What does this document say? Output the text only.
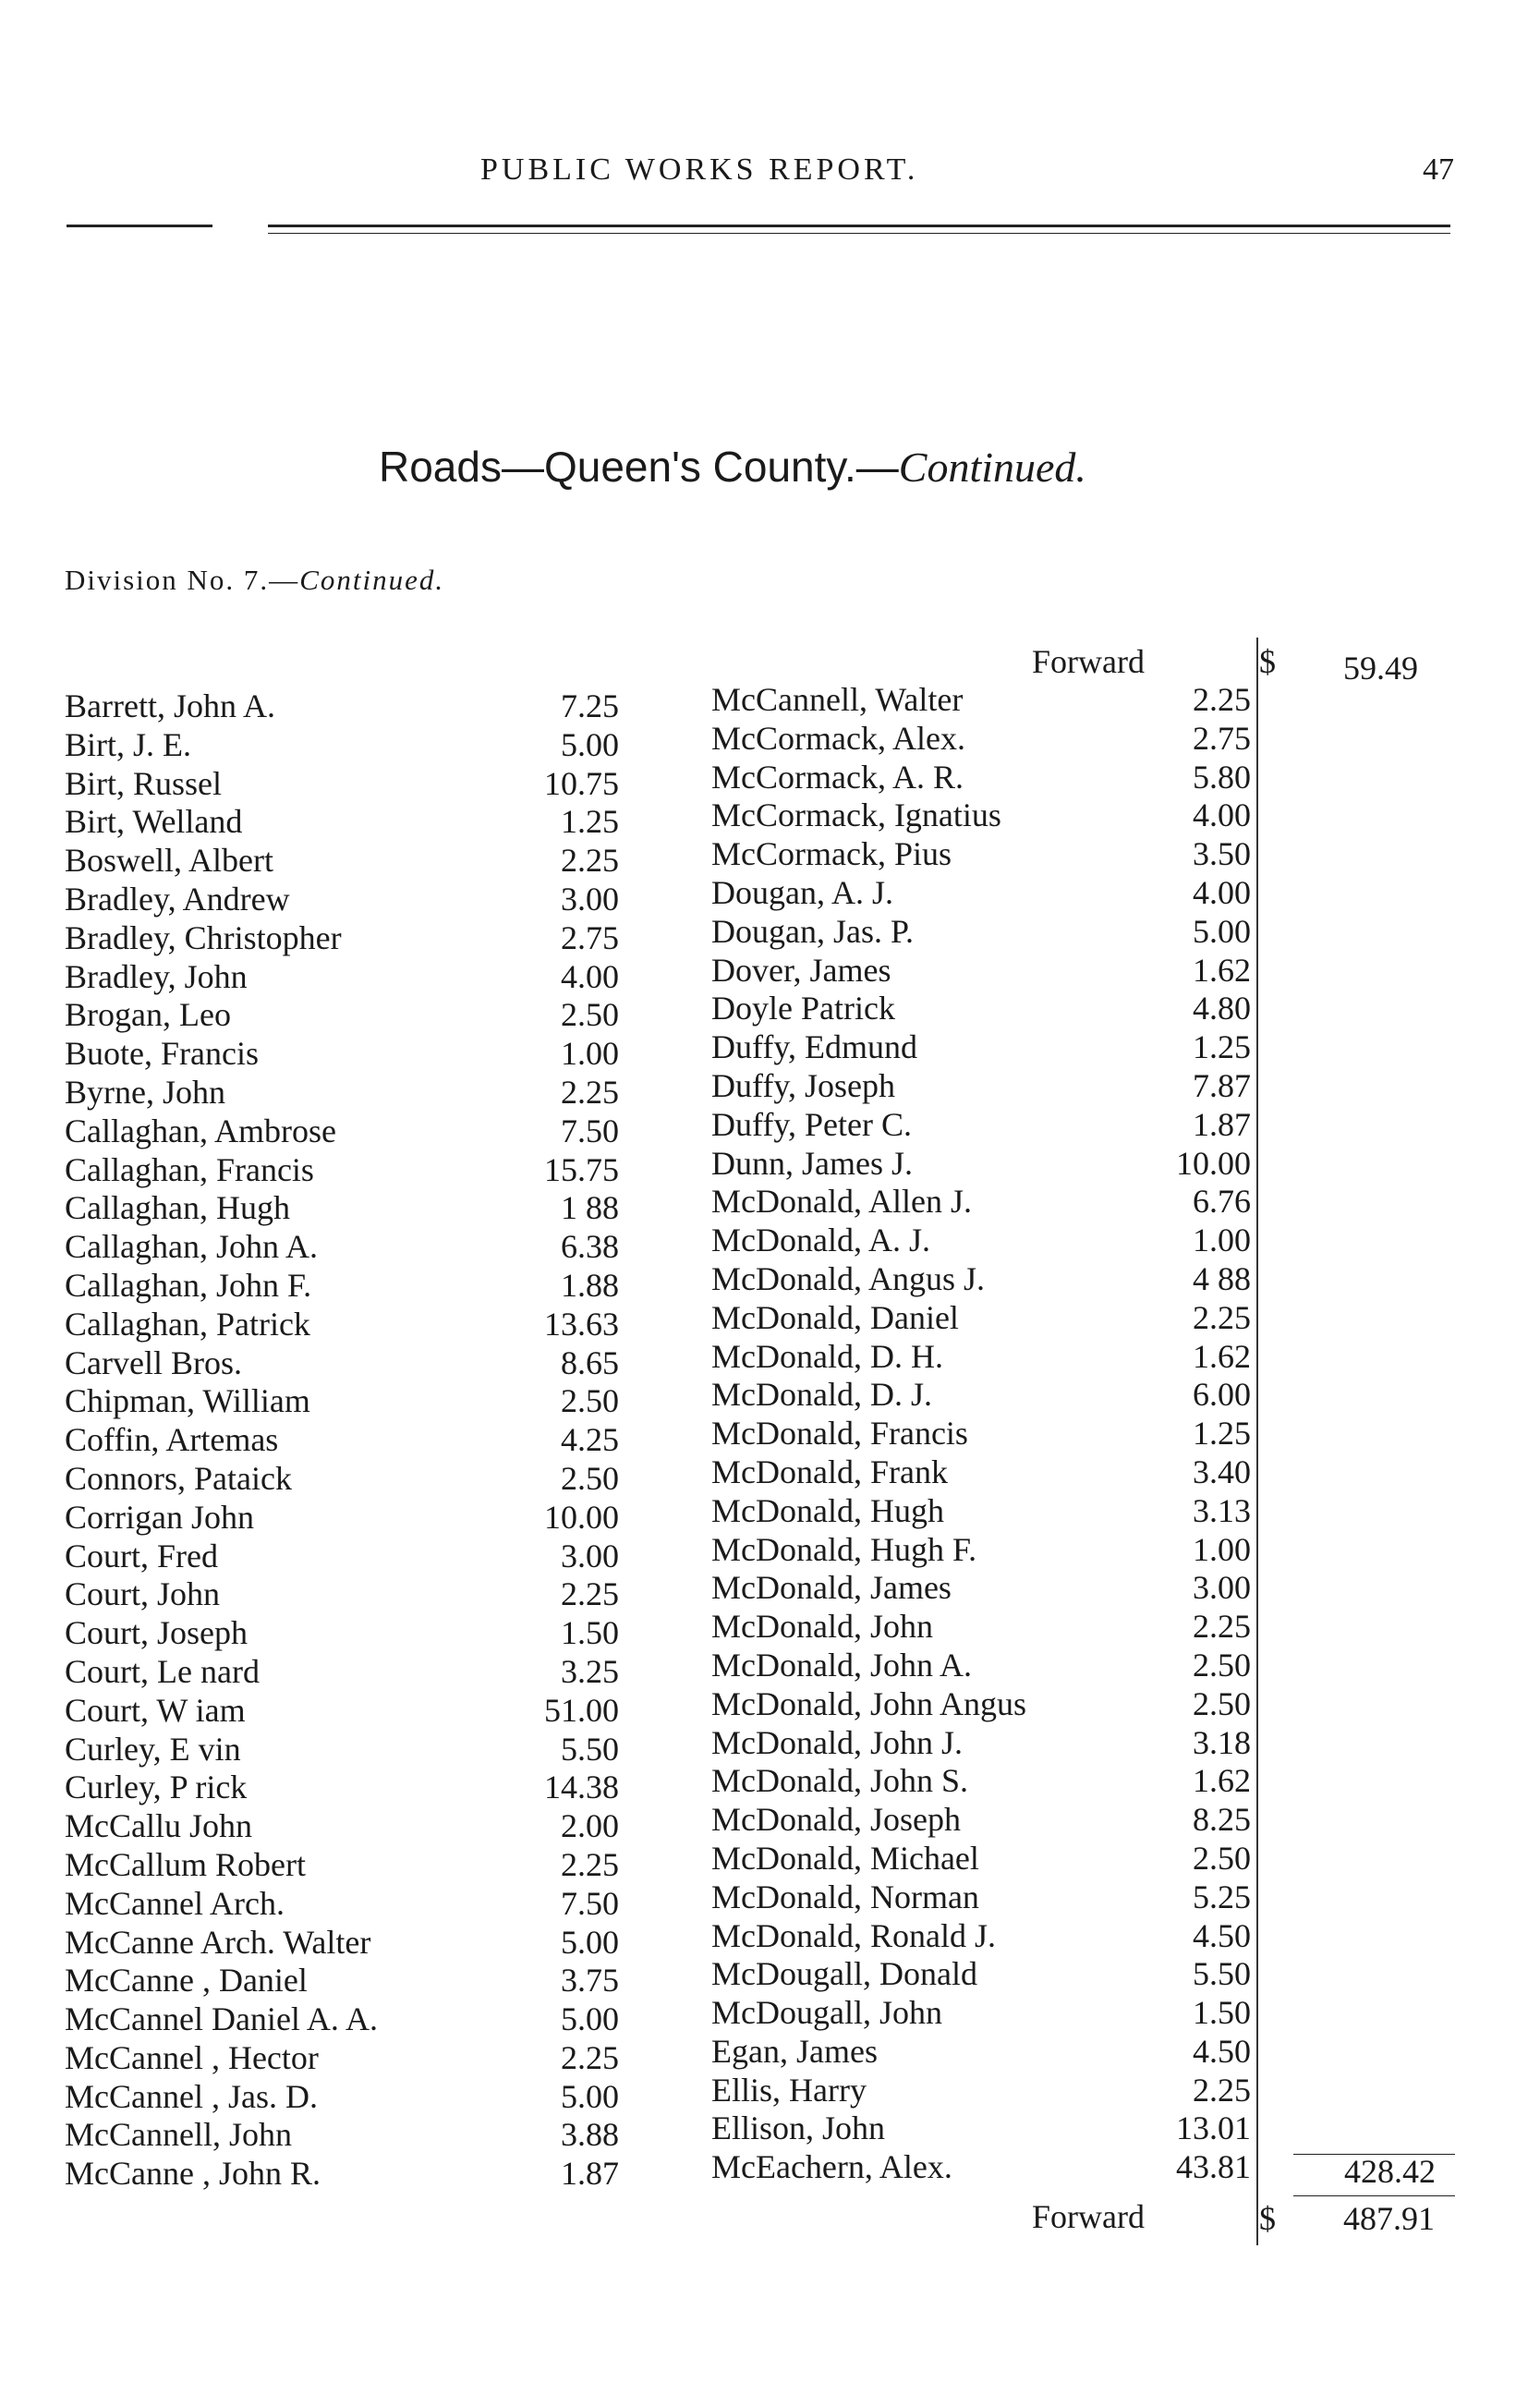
PUBLIC WORKS REPORT.	47
Roads—Queen's County.—Continued.
Division No. 7.—Continued.
Forward	$ 59.49
Barrett, John A.	7.25
Birt, J. E.	5.00
Birt, Russel	10.75
Birt, Welland	1.25
Boswell, Albert	2.25
Bradley, Andrew	3.00
Bradley, Christopher	2.75
Bradley, John	4.00
Brogan, Leo	2.50
Buote, Francis	1.00
Byrne, John	2.25
Callaghan, Ambrose	7.50
Callaghan, Francis	15.75
Callaghan, Hugh	1 88
Callaghan, John A.	6.38
Callaghan, John F.	1.88
Callaghan, Patrick	13.63
Carvell Bros.	8.65
Chipman, William	2.50
Coffin, Artemas	4.25
Connors, Pataick	2.50
Corrigan John	10.00
Court, Fred	3.00
Court, John	2.25
Court, Joseph	1.50
Court, Le nard	3.25
Court, W iam	51.00
Curley, E vin	5.50
Curley, P rick	14.38
McCallu John	2.00
McCallum Robert	2.25
McCannel Arch.	7.50
McCanne Arch. Walter	5.00
McCanne , Daniel	3.75
McCannel Daniel A. A.	5.00
McCannel , Hector	2.25
McCannel , Jas. D.	5.00
McCannell, John	3.88
McCanne , John R.	1.87
McCannell, Walter	2.25
McCormack, Alex.	2.75
McCormack, A. R.	5.80
McCormack, Ignatius	4.00
McCormack, Pius	3.50
Dougan, A. J.	4.00
Dougan, Jas. P.	5.00
Dover, James	1.62
Doyle Patrick	4.80
Duffy, Edmund	1.25
Duffy, Joseph	7.87
Duffy, Peter C.	1.87
Dunn, James J.	10.00
McDonald, Allen J.	6.76
McDonald, A. J.	1.00
McDonald, Angus J.	4 88
McDonald, Daniel	2.25
McDonald, D. H.	1.62
McDonald, D. J.	6.00
McDonald, Francis	1.25
McDonald, Frank	3.40
McDonald, Hugh	3.13
McDonald, Hugh F.	1.00
McDonald, James	3.00
McDonald, John	2.25
McDonald, John A.	2.50
McDonald, John Angus	2.50
McDonald, John J.	3.18
McDonald, John S.	1.62
McDonald, Joseph	8.25
McDonald, Michael	2.50
McDonald, Norman	5.25
McDonald, Ronald J.	4.50
McDougall, Donald	5.50
McDougall, John	1.50
Egan, James	4.50
Ellis, Harry	2.25
Ellison, John	13.01
McEachern, Alex.	43.81	428.42
Forward	$ 487.91
